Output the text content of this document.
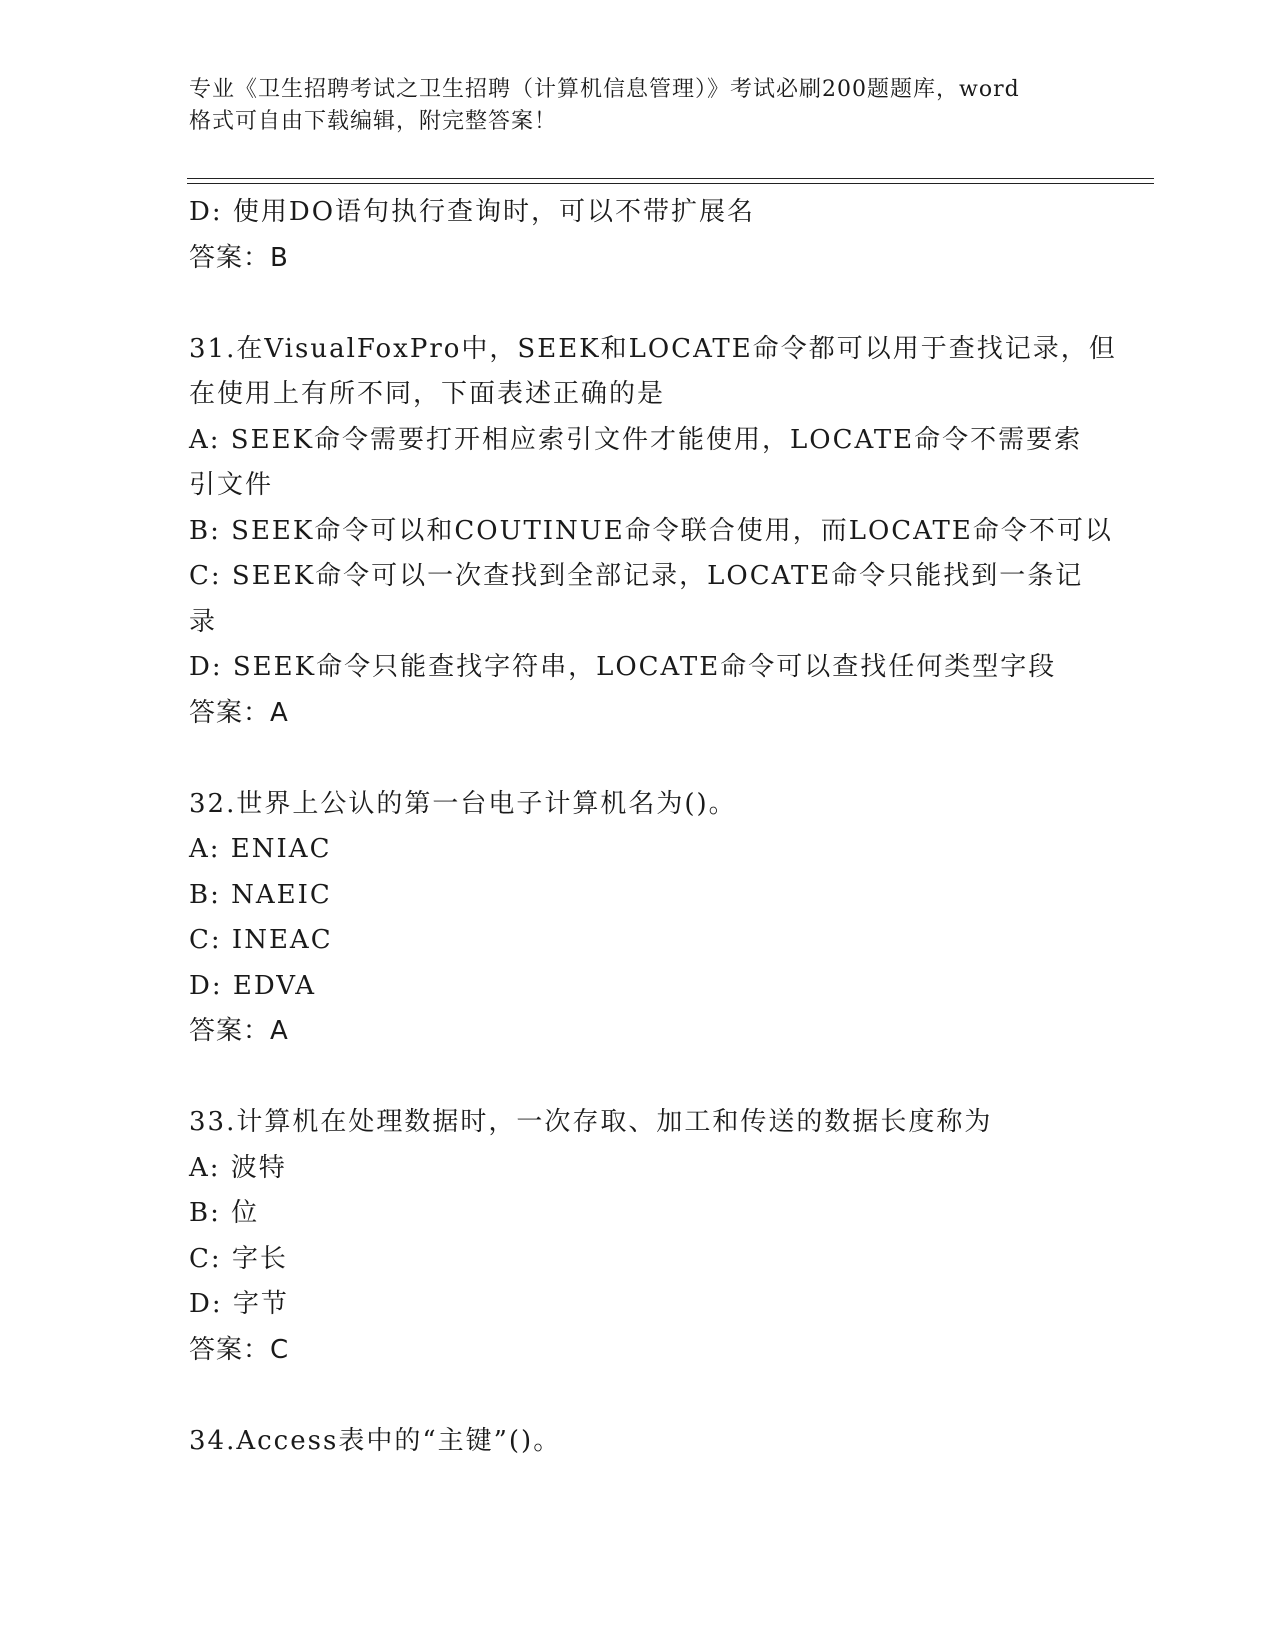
专业《卫生招聘考试之卫生招聘（计算机信息管理）》考试必刷200题题库，word
格式可自由下载编辑，附完整答案！
D: 使用DO语句执行查询时，可以不带扩展名
答案：B
31.在VisualFoxPro中，SEEK和LOCATE命令都可以用于查找记录，但
在使用上有所不同，下面表述正确的是
A: SEEK命令需要打开相应索引文件才能使用，LOCATE命令不需要索
引文件
B: SEEK命令可以和COUTINUE命令联合使用，而LOCATE命令不可以
C: SEEK命令可以一次查找到全部记录，LOCATE命令只能找到一条记
录
D: SEEK命令只能查找字符串，LOCATE命令可以查找任何类型字段
答案：A
32.世界上公认的第一台电子计算机名为()。
A: ENIAC
B: NAEIC
C: INEAC
D: EDVA
答案：A
33.计算机在处理数据时，一次存取、加工和传送的数据长度称为
A: 波特
B: 位
C: 字长
D: 字节
答案：C
34.Access表中的“主键”()。
